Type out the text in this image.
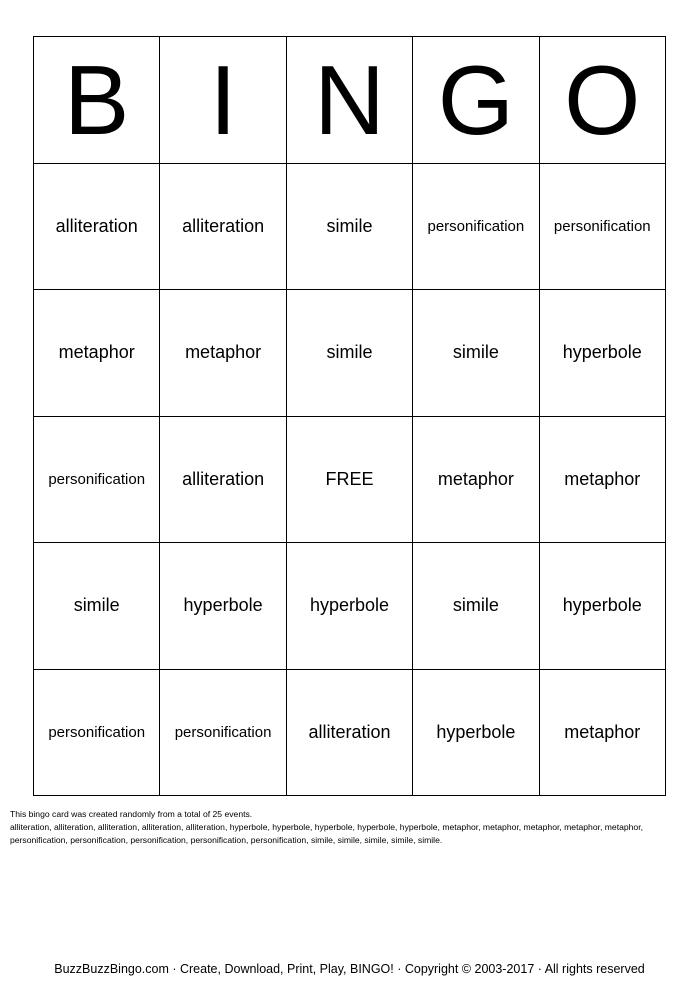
B	I	N	G	O
alliteration	alliteration	simile	personification	personification
metaphor	metaphor	simile	simile	hyperbole
personification	alliteration	FREE	metaphor	metaphor
simile	hyperbole	hyperbole	simile	hyperbole
personification	personification	alliteration	hyperbole	metaphor

This bingo card was created randomly from a total of 25 events.

alliteration, alliteration, alliteration, alliteration, alliteration, hyperbole, hyperbole, hyperbole, hyperbole, hyperbole, metaphor, metaphor, metaphor, metaphor, metaphor, personification, personification, personification, personification, personification, simile, simile, simile, simile, simile.

BuzzBuzzBingo.com · Create, Download, Print, Play, BINGO! · Copyright © 2003-2017 · All rights reserved
